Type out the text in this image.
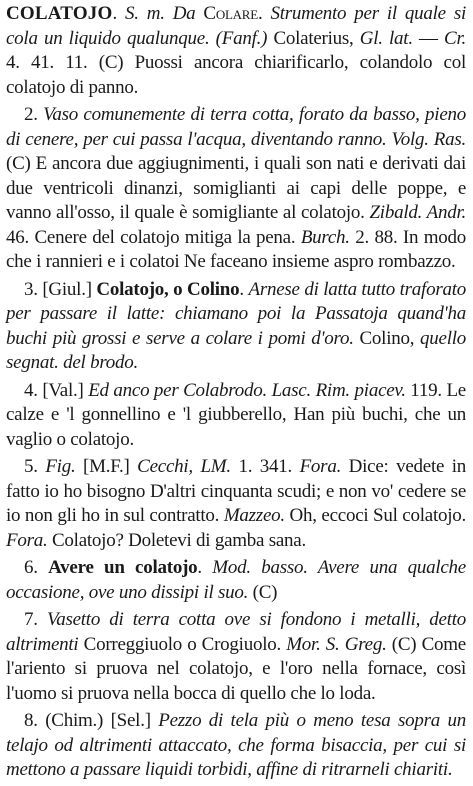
COLATOJO. S. m. Da Colare. Strumento per il quale si cola un liquido qualunque. (Fanf.) Colaterius, Gl. lat. — Cr. 4. 41. 11. (C) Puossi ancora chiarificarlo, colandolo col colatojo di panno.

2. Vaso comunemente di terra cotta, forato da basso, pieno di cenere, per cui passa l'acqua, diventando ranno. Volg. Ras. (C) E ancora due aggiugnimenti, i quali son nati e derivati dai due ventricoli dinanzi, somiglianti ai capi delle poppe, e vanno all'osso, il quale è somigliante al colatojo. Zibald. Andr. 46. Cenere del colatojo mitiga la pena. Burch. 2. 88. In modo che i rannieri e i colatoi Ne faceano insieme aspro rombazzo.

3. [Giul.] Colatojo, o Colino. Arnese di latta tutto traforato per passare il latte: chiamano poi la Passatoja quand'ha buchi più grossi e serve a colare i pomi d'oro. Colino, quello segnat. del brodo.

4. [Val.] Ed anco per Colabrodo. Lasc. Rim. piacev. 119. Le calze e 'l gonnellino e 'l giubberello, Han più buchi, che un vaglio o colatojo.

5. Fig. [M.F.] Cecchi, LM. 1. 341. Fora. Dice: vedete in fatto io ho bisogno D'altri cinquanta scudi; e non vo' cedere se io non gli ho in sul contratto. Mazzeo. Oh, eccoci Sul colatojo. Fora. Colatojo? Doletevi di gamba sana.

6. Avere un colatojo. Mod. basso. Avere una qualche occasione, ove uno dissipi il suo. (C)

7. Vasetto di terra cotta ove si fondono i metalli, detto altrimenti Correggiuolo o Crogiuolo. Mor. S. Greg. (C) Come l'ariento si pruova nel colatojo, e l'oro nella fornace, così l'uomo si pruova nella bocca di quello che lo loda.

8. (Chim.) [Sel.] Pezzo di tela più o meno tesa sopra un telajo od altrimenti attaccato, che forma bisaccia, per cui si mettono a passare liquidi torbidi, affine di ritrarneli chiariti.
